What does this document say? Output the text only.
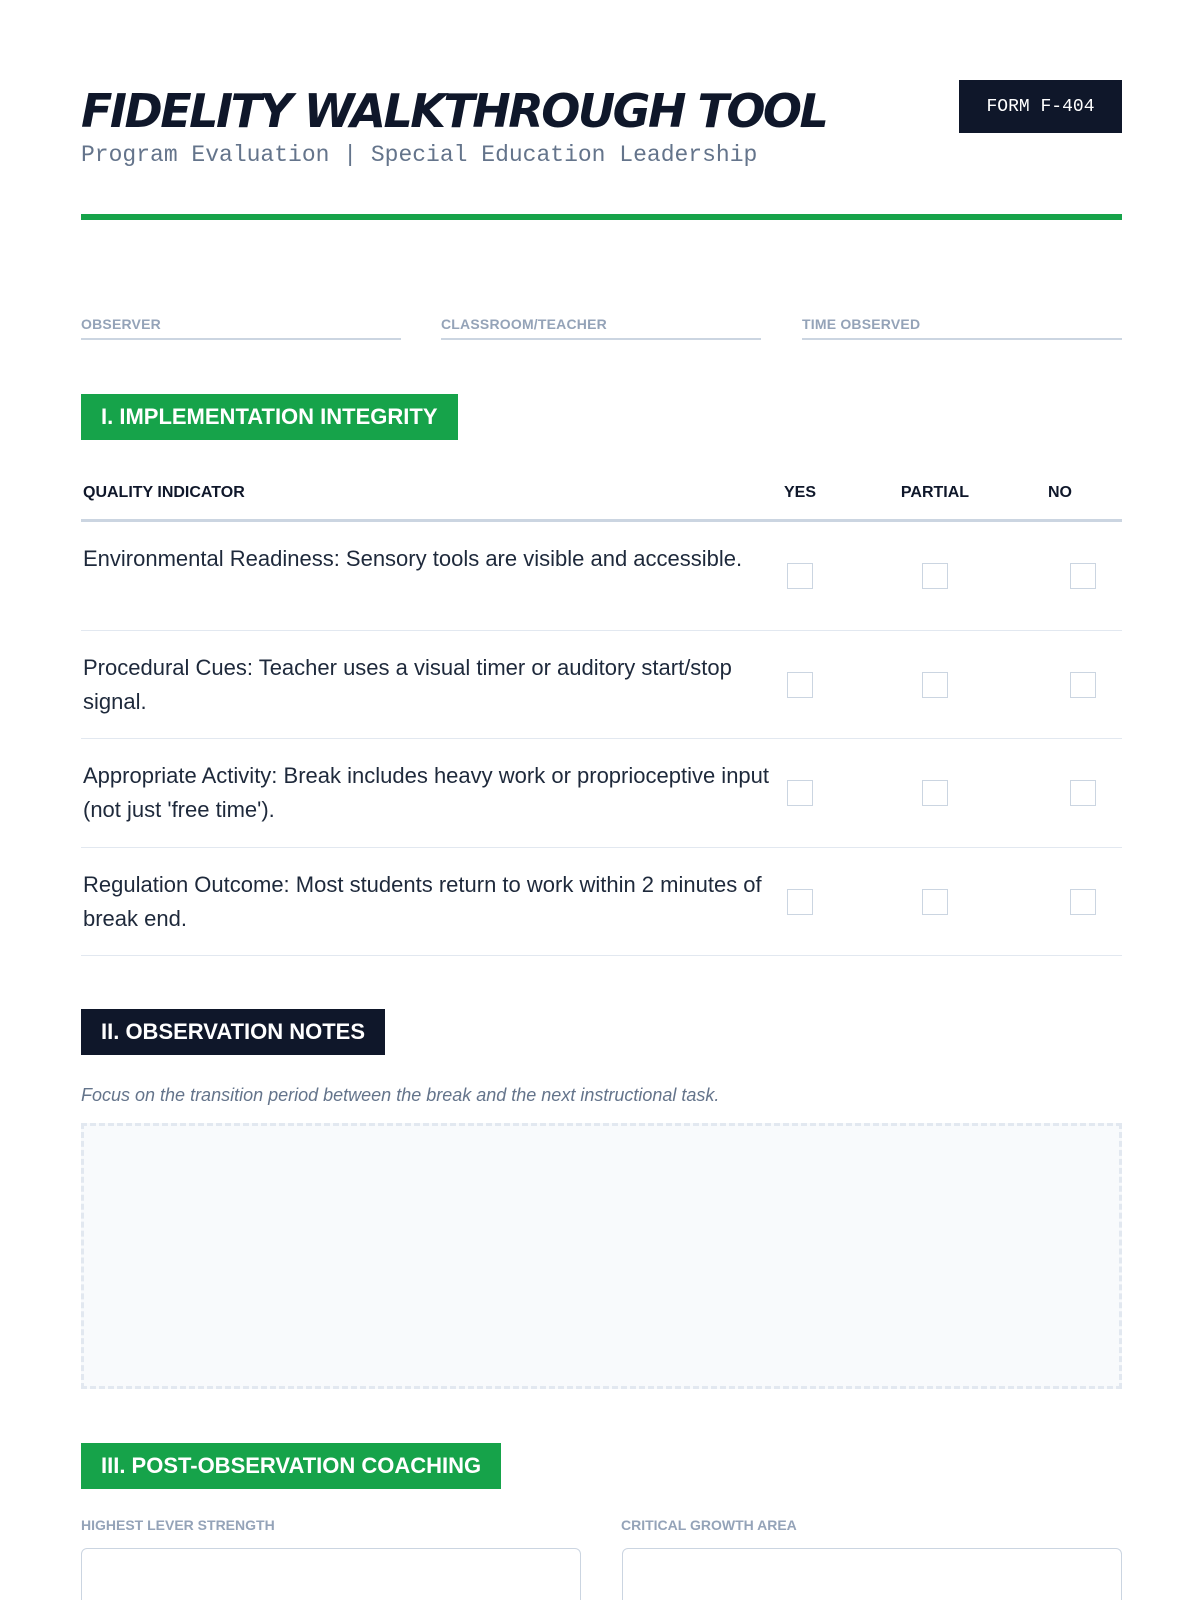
FIDELITY WALKTHROUGH TOOL
Program Evaluation | Special Education Leadership
FORM F-404
OBSERVER	CLASSROOM/TEACHER	TIME OBSERVED
I. IMPLEMENTATION INTEGRITY
QUALITY INDICATOR	YES	PARTIAL	NO
Environmental Readiness: Sensory tools are visible and accessible.
Procedural Cues: Teacher uses a visual timer or auditory start/stop signal.
Appropriate Activity: Break includes heavy work or proprioceptive input (not just 'free time').
Regulation Outcome: Most students return to work within 2 minutes of break end.
II. OBSERVATION NOTES
Focus on the transition period between the break and the next instructional task.
III. POST-OBSERVATION COACHING
HIGHEST LEVER STRENGTH	CRITICAL GROWTH AREA
